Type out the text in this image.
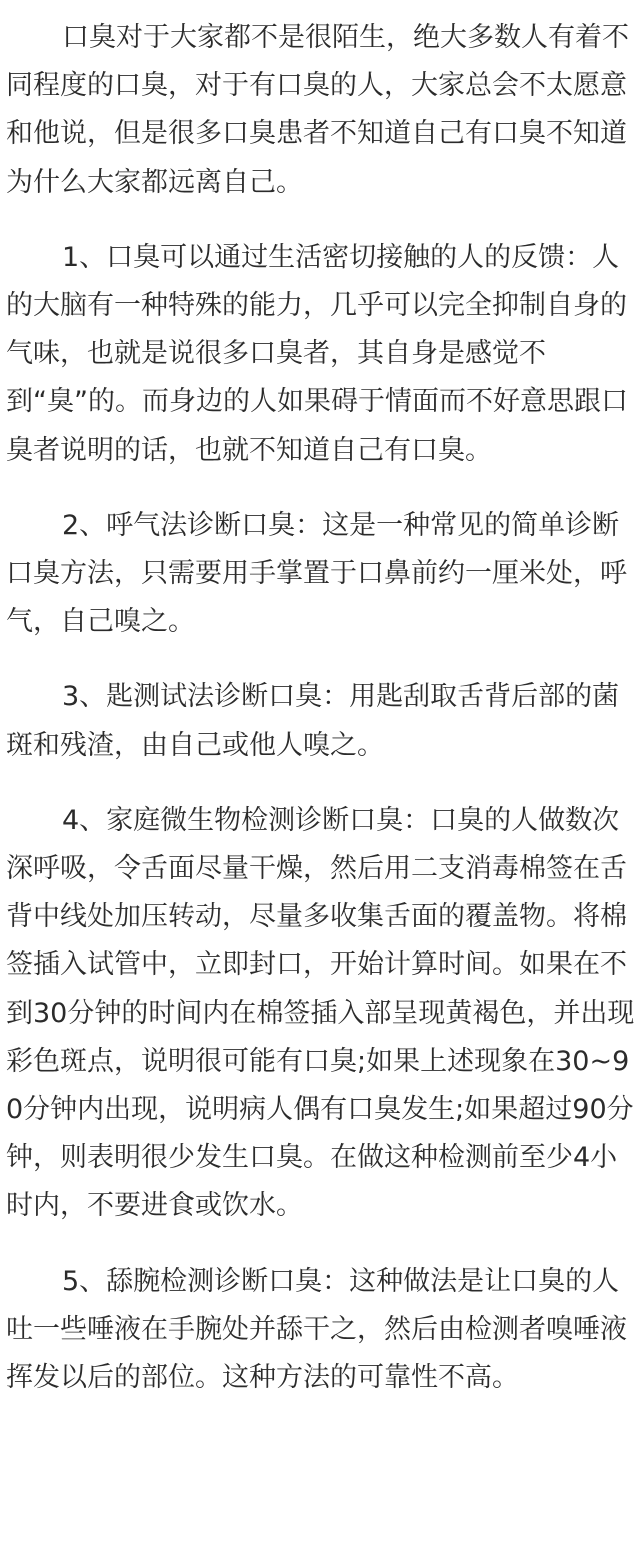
口臭对于大家都不是很陌生，绝大多数人有着不同程度的口臭，对于有口臭的人，大家总会不太愿意和他说，但是很多口臭患者不知道自己有口臭不知道为什么大家都远离自己。

1、口臭可以通过生活密切接触的人的反馈：人的大脑有一种特殊的能力，几乎可以完全抑制自身的气味，也就是说很多口臭者，其自身是感觉不到“臭”的。而身边的人如果碍于情面而不好意思跟口臭者说明的话，也就不知道自己有口臭。

2、呼气法诊断口臭：这是一种常见的简单诊断口臭方法，只需要用手掌置于口鼻前约一厘米处，呼气，自己嗅之。

3、匙测试法诊断口臭：用匙刮取舌背后部的菌斑和残渣，由自己或他人嗅之。

4、家庭微生物检测诊断口臭：口臭的人做数次深呼吸，令舌面尽量干燥，然后用二支消毒棉签在舌背中线处加压转动，尽量多收集舌面的覆盖物。将棉签插入试管中，立即封口，开始计算时间。如果在不到30分钟的时间内在棉签插入部呈现黄褐色，并出现彩色斑点，说明很可能有口臭;如果上述现象在30~90分钟内出现，说明病人偶有口臭发生;如果超过90分钟，则表明很少发生口臭。在做这种检测前至少4小时内，不要进食或饮水。

5、舔腕检测诊断口臭：这种做法是让口臭的人吐一些唾液在手腕处并舔干之，然后由检测者嗅唾液挥发以后的部位。这种方法的可靠性不高。
